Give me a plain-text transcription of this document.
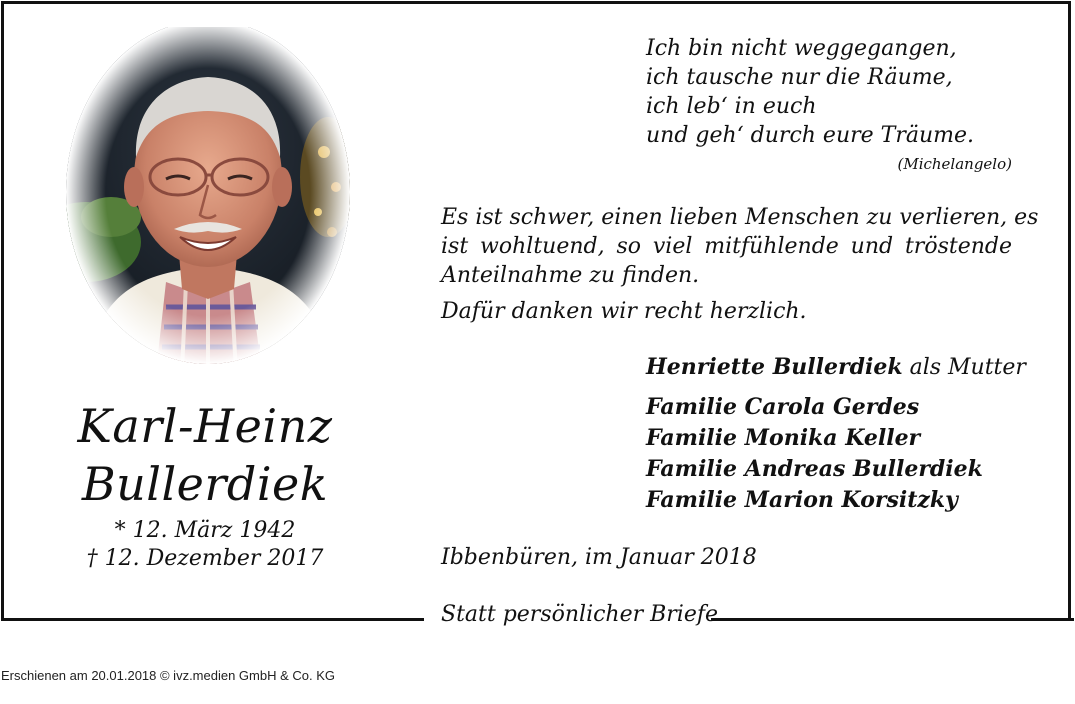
Karl-Heinz
Bullerdiek
* 12. März 1942
† 12. Dezember 2017
Ich bin nicht weggegangen,
ich tausche nur die Räume,
ich leb‘ in euch
und geh‘ durch eure Träume.
(Michelangelo)
Es ist schwer, einen lieben Menschen zu verlieren, es
ist wohltuend, so viel mitfühlende und tröstende
Anteilnahme zu finden.
Dafür danken wir recht herzlich.
Henriette Bullerdiek als Mutter
Familie Carola Gerdes
Familie Monika Keller
Familie Andreas Bullerdiek
Familie Marion Korsitzky
Ibbenbüren, im Januar 2018
Statt persönlicher Briefe
Erschienen am 20.01.2018 © ivz.medien GmbH & Co. KG
